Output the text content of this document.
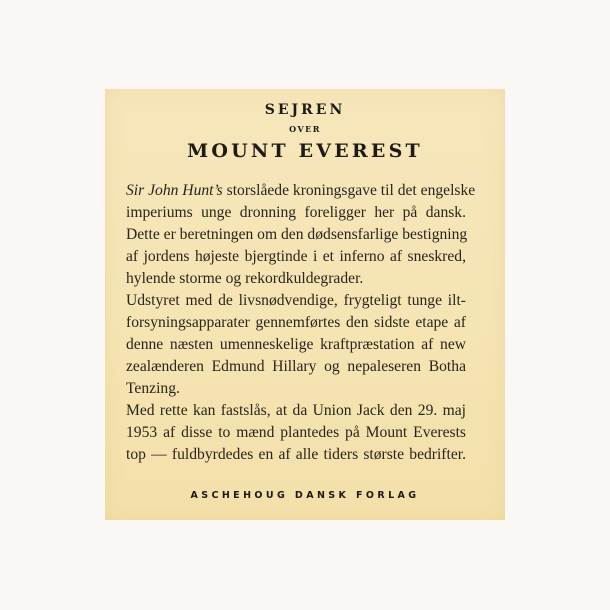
SEJREN
OVER
MOUNT EVEREST
Sir John Hunt’s storslåede kroningsgave til det engelske
imperiums unge dronning foreligger her på dansk.
Dette er beretningen om den dødsensfarlige bestigning
af jordens højeste bjergtinde i et inferno af sneskred,
hylende storme og rekordkuldegrader.
Udstyret med de livsnødvendige, frygteligt tunge ilt-
forsyningsapparater gennemførtes den sidste etape af
denne næsten umenneskelige kraftpræstation af new
zealænderen Edmund Hillary og nepaleseren Botha
Tenzing.
Med rette kan fastslås, at da Union Jack den 29. maj
1953 af disse to mænd plantedes på Mount Everests
top — fuldbyrdedes en af alle tiders største bedrifter.
ASCHEHOUG DANSK FORLAG
